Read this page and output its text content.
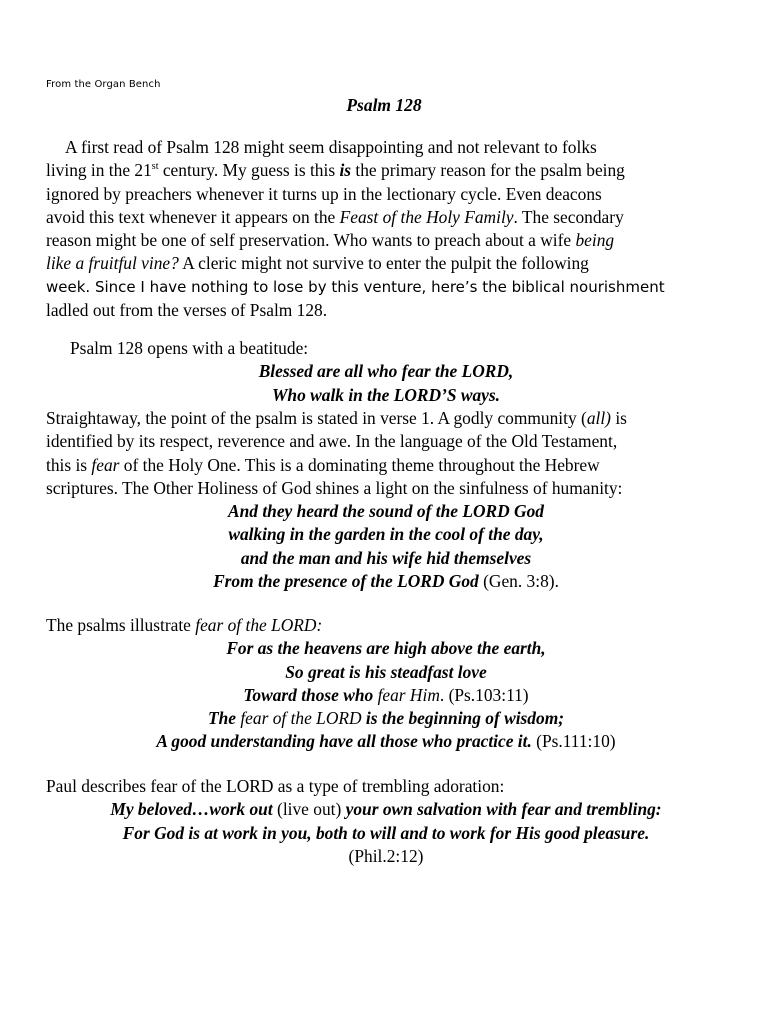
From the Organ Bench
Psalm 128
A first read of Psalm 128 might seem disappointing and not relevant to folks
living in the 21st century. My guess is this is the primary reason for the psalm being
ignored by preachers whenever it turns up in the lectionary cycle. Even deacons
avoid this text whenever it appears on the Feast of the Holy Family. The secondary
reason might be one of self preservation. Who wants to preach about a wife being
like a fruitful vine? A cleric might not survive to enter the pulpit the following
week. Since I have nothing to lose by this venture, here’s the biblical nourishment
ladled out from the verses of Psalm 128.
Psalm 128 opens with a beatitude:
Blessed are all who fear the LORD,
Who walk in the LORD’S ways.
Straightaway, the point of the psalm is stated in verse 1. A godly community (all) is
identified by its respect, reverence and awe. In the language of the Old Testament,
this is fear of the Holy One. This is a dominating theme throughout the Hebrew
scriptures. The Other Holiness of God shines a light on the sinfulness of humanity:
And they heard the sound of the LORD God
walking in the garden in the cool of the day,
and the man and his wife hid themselves
From the presence of the LORD God (Gen. 3:8).
The psalms illustrate fear of the LORD:
For as the heavens are high above the earth,
So great is his steadfast love
Toward those who fear Him. (Ps.103:11)
The fear of the LORD is the beginning of wisdom;
A good understanding have all those who practice it. (Ps.111:10)
Paul describes fear of the LORD as a type of trembling adoration:
My beloved…work out (live out) your own salvation with fear and trembling:
For God is at work in you, both to will and to work for His good pleasure.
(Phil.2:12)
